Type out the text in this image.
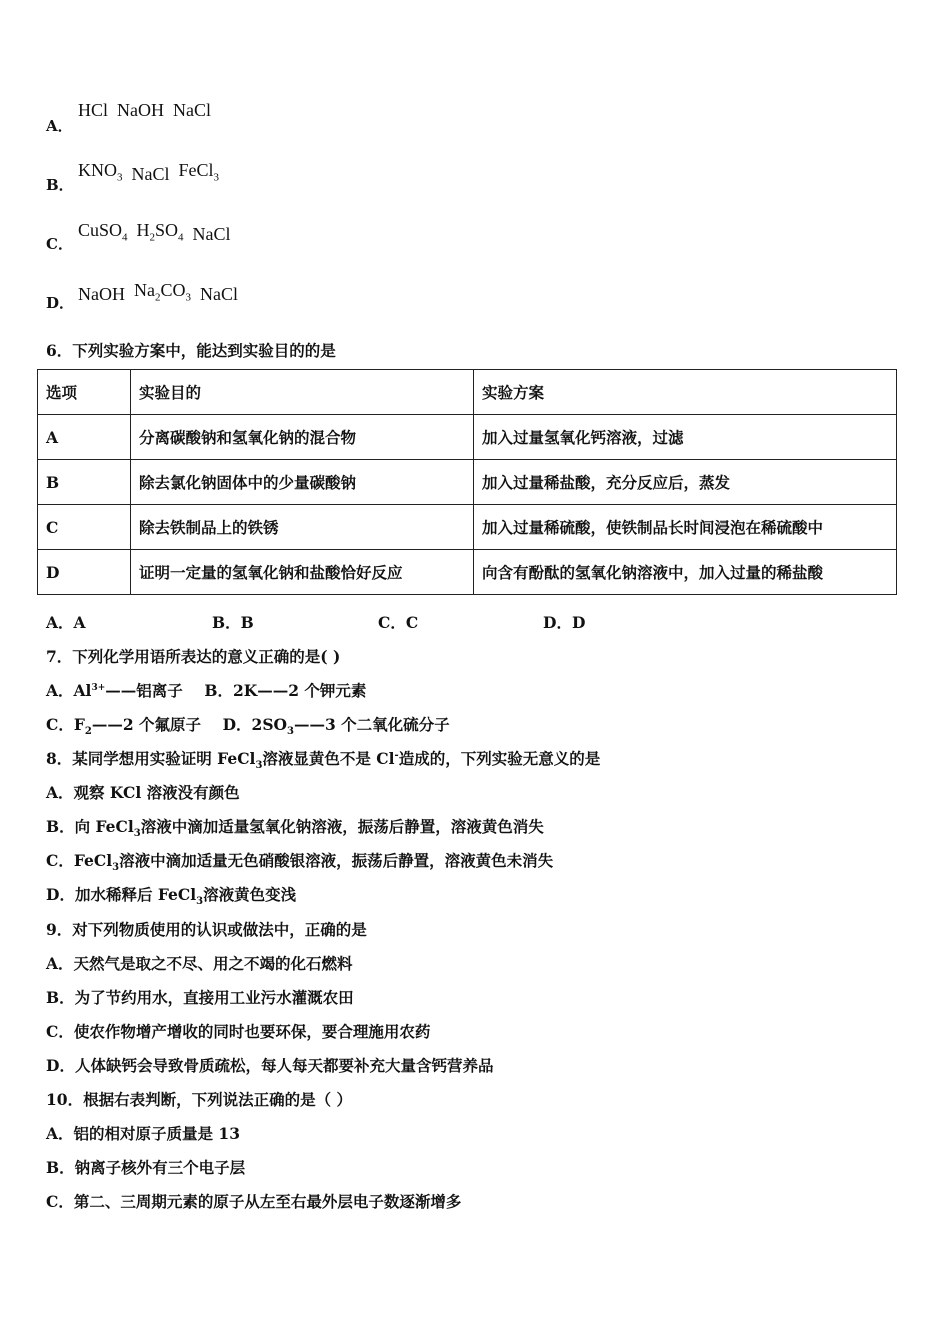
A．
HCl NaOH NaCl
B．
$KNO_3$ NaCl FeCl$_3$
C．
CuSO$_4$ $H_2SO_4$ NaCl
D． NaOH $Na_2CO_3$ NaCl
6．下列实验方案中，能达到实验目的的是
选项	实验目的	实验方案
A	分离碳酸钠和氢氧化钠的混合物	加入过量氢氧化钙溶液，过滤
B	除去氯化钠固体中的少量碳酸钠	加入过量稀盐酸，充分反应后，蒸发
C	除去铁制品上的铁锈	加入过量稀硫酸，使铁制品长时间浸泡在稀硫酸中
D	证明一定量的氢氧化钠和盐酸恰好反应	向含有酚酞的氢氧化钠溶液中，加入过量的稀盐酸
A．A	B．B	C．C	D．D
7．下列化学用语所表达的意义正确的是( )
A．$Al^{3+}——$铝离子 B．2K——2 个钾元素
C．$F_2——2$ 个氟原子 D．$2SO_3——3$ 个二氧化硫分子
8．某同学想用实验证明 FeCl$_3$溶液显黄色不是 Cl-造成的，下列实验无意义的是
A．观察 KCl 溶液没有颜色
B．向 FeCl$_3$溶液中滴加适量氢氧化钠溶液，振荡后静置，溶液黄色消失
C．FeCl$_3$溶液中滴加适量无色硝酸银溶液，振荡后静置，溶液黄色未消失
D．加水稀释后 FeCl$_3$溶液黄色变浅
9．对下列物质使用的认识或做法中，正确的是
A．天然气是取之不尽、用之不竭的化石燃料
B．为了节约用水，直接用工业污水灌溉农田
C．使农作物增产增收的同时也要环保，要合理施用农药
D．人体缺钙会导致骨质疏松，每人每天都要补充大量含钙营养品
10．根据右表判断，下列说法正确的是（ ）
A．铝的相对原子质量是 13
B．钠离子核外有三个电子层
C．第二、三周期元素的原子从左至右最外层电子数逐渐增多
